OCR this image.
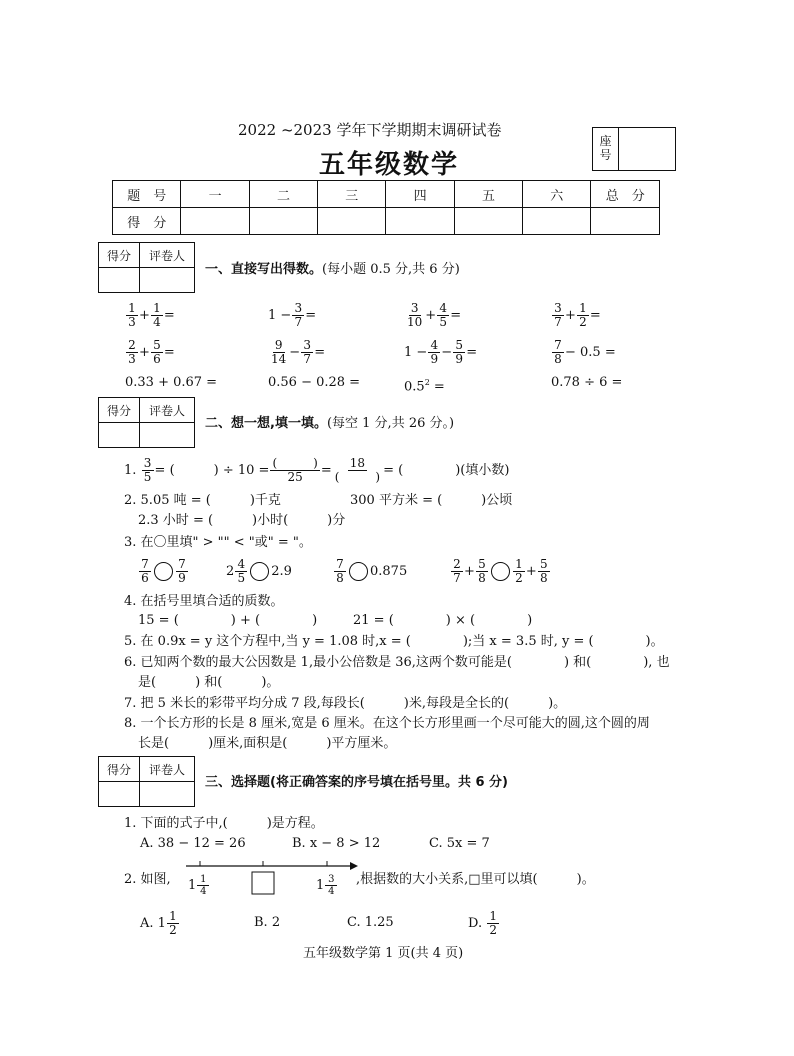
2022 ~2023 学年下学期期末调研试卷
五年级数学
座
号
题　号	一	二	三	四	五	六	总　分
得　分							
得分	评卷人

一、直接写出得数。(每小题 0.5 分,共 6 分)
$\frac{1}{3} + \frac{1}{4}$ =	$1 - \frac{3}{7}$ =	$\frac{3}{10} + \frac{4}{5}$ =	$\frac{3}{7} + \frac{1}{2}$ =
$\frac{2}{3} + \frac{5}{6}$ =	$\frac{9}{14} - \frac{3}{7}$ =	$1 - \frac{4}{9} - \frac{5}{9}$ =	$\frac{7}{8} - 0.5$ =
0.33 + 0.67 =	0.56 − 0.28 =	$0.5^2$ =	0.78 ÷ 6 =
得分	评卷人

二、想一想,填一填。(每空 1 分,共 26 分。)
1.
$\frac{3}{5}$ = (　　　) ÷ 10 = (　　　)
25 = 18
(　　　) = (　　　　)(填小数)
2. 5.05 吨 = (　　　)千克	300 平方米 = (　　　)公顷
2.3 小时 = (　　　)小时(　　　)分
3. 在〇里填" > "" < "或" = "。
$\frac{7}{6} \frac{7}{9}$	$2 \frac{4}{5} 2.9$	$\frac{7}{8} 0.875$	$\frac{2}{7} + \frac{5}{8} \frac{1}{2} + \frac{5}{8}$
4. 在括号里填合适的质数。
15 = (　　　　) + (　　　　)	21 = (　　　　) × (　　　　)
5. 在 0.9x = y 这个方程中,当 y = 1.08 时,x = (　　　　);当 x = 3.5 时, y = (　　　　)。
6. 已知两个数的最大公因数是 1,最小公倍数是 36,这两个数可能是(　　　　) 和(　　　　), 也
是(　　　) 和(　　　)。
7. 把 5 米长的彩带平均分成 7 段,每段长(　　　)米,每段是全长的(　　　)。
8. 一个长方形的长是 8 厘米,宽是 6 厘米。在这个长方形里画一个尽可能大的圆,这个圆的周
长是(　　　)厘米,面积是(　　　)平方厘米。
得分	评卷人

三、选择题(将正确答案的序号填在括号里。共 6 分)
1. 下面的式子中,(　　　)是方程。
A. 38 − 12 = 26	B. x − 8 > 12	C. 5x = 7
2. 如图, $1 \frac{1}{4}$	$1 \frac{3}{4}$ ,根据数的大小关系,□里可以填(　　　)。
A. $1 \frac{1}{2}$	B. 2	C. 1.25	D.
$\frac{1}{2}$
五年级数学第 1 页(共 4 页)
